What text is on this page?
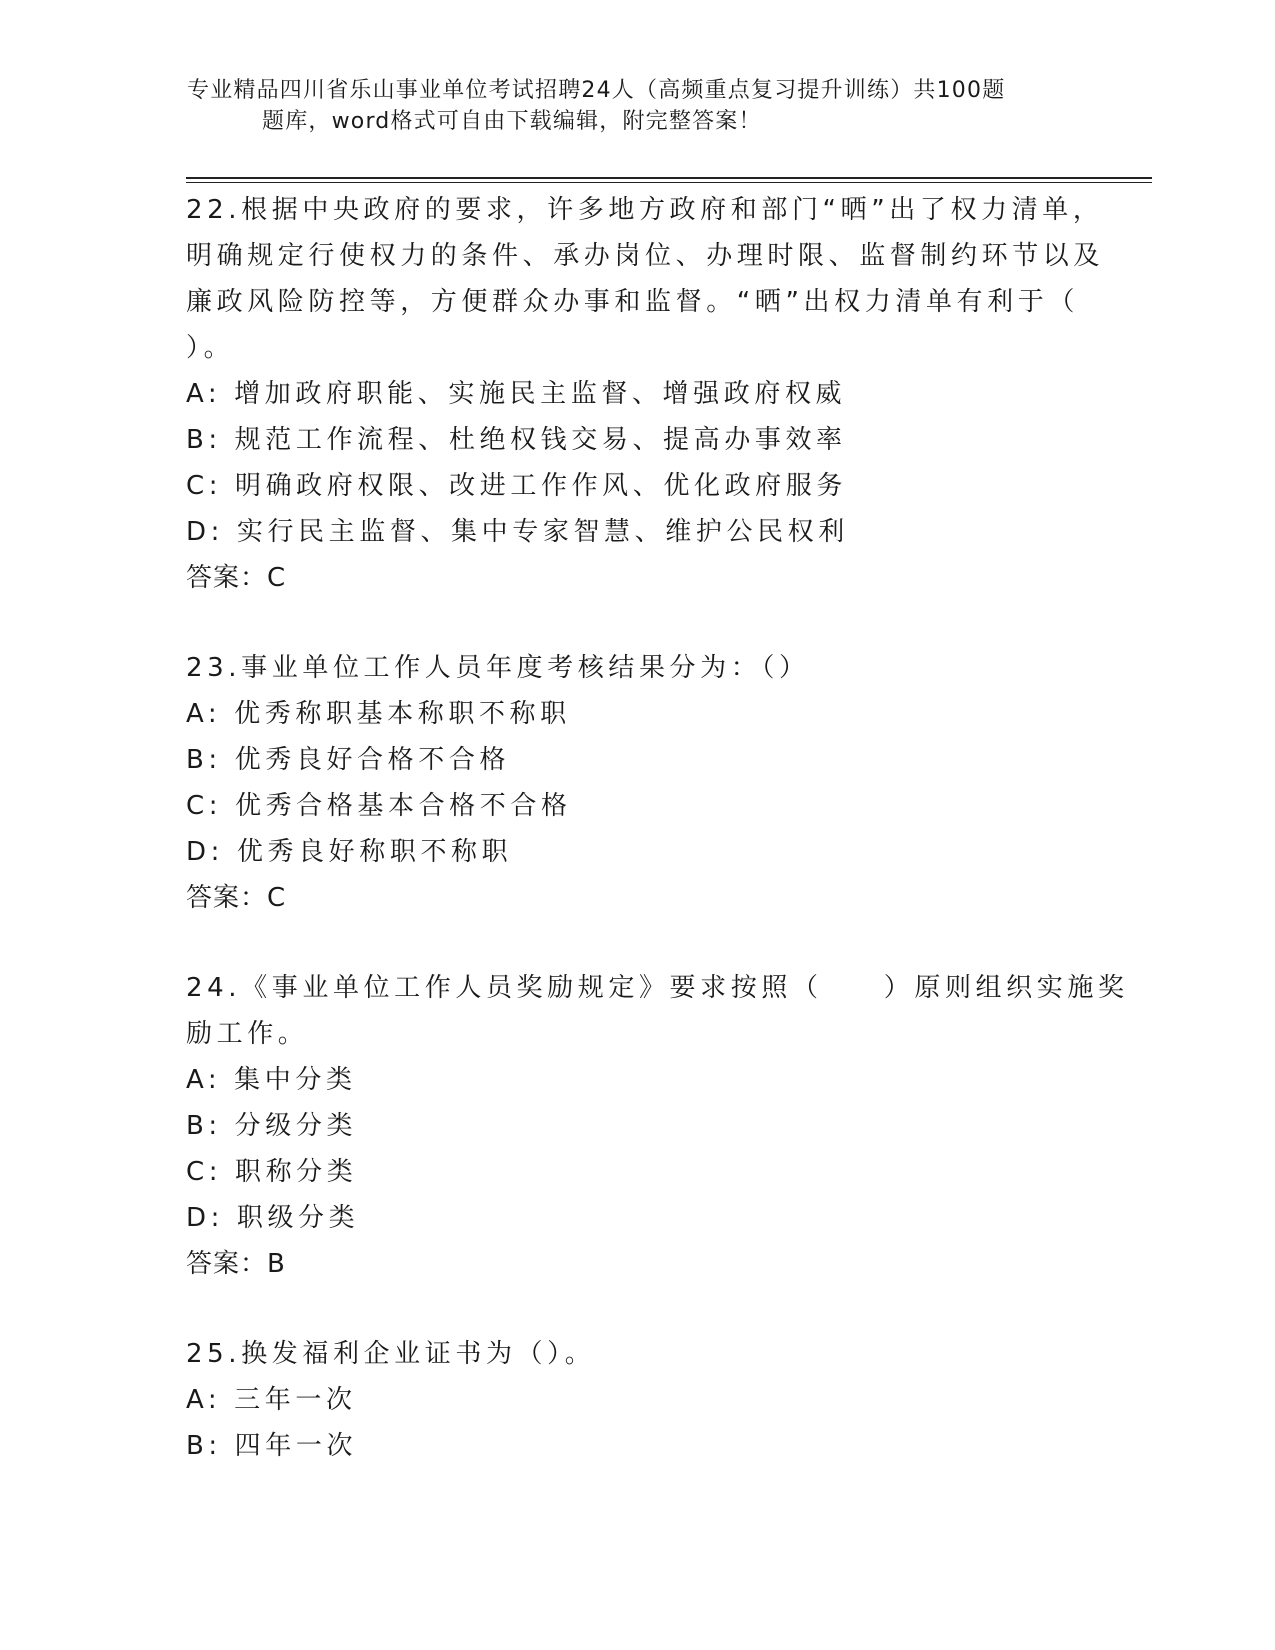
专业精品四川省乐山事业单位考试招聘24人（高频重点复习提升训练）共100题
题库，word格式可自由下载编辑，附完整答案！
22.根据中央政府的要求，许多地方政府和部门“晒”出了权力清单，
明确规定行使权力的条件、承办岗位、办理时限、监督制约环节以及
廉政风险防控等，方便群众办事和监督。“晒”出权力清单有利于（
）。
A: 增加政府职能、实施民主监督、增强政府权威
B: 规范工作流程、杜绝权钱交易、提高办事效率
C: 明确政府权限、改进工作作风、优化政府服务
D: 实行民主监督、集中专家智慧、维护公民权利
答案：C
23.事业单位工作人员年度考核结果分为：（）
A: 优秀称职基本称职不称职
B: 优秀良好合格不合格
C: 优秀合格基本合格不合格
D: 优秀良好称职不称职
答案：C
24.《事业单位工作人员奖励规定》要求按照（　　）原则组织实施奖
励工作。
A: 集中分类
B: 分级分类
C: 职称分类
D: 职级分类
答案：B
25.换发福利企业证书为（）。
A: 三年一次
B: 四年一次
